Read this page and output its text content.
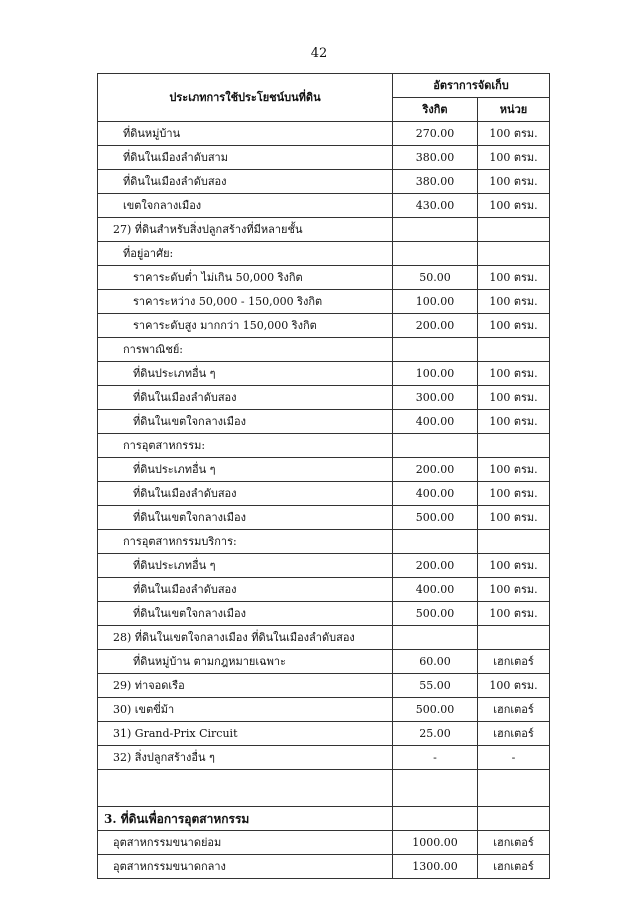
42
ประเภทการใช้ประโยชน์บนที่ดิน	อัตราการจัดเก็บ	
	ริงกิต	หน่วย
ที่ดินหมู่บ้าน	270.00	100 ตรม.
ที่ดินในเมืองลำดับสาม	380.00	100 ตรม.
ที่ดินในเมืองลำดับสอง	380.00	100 ตรม.
เขตใจกลางเมือง	430.00	100 ตรม.
27) ที่ดินสำหรับสิ่งปลูกสร้างที่มีหลายชั้น		
ที่อยู่อาศัย:		
ราคาระดับต่ำ ไม่เกิน 50,000 ริงกิต	50.00	100 ตรม.
ราคาระหว่าง 50,000 - 150,000 ริงกิต	100.00	100 ตรม.
ราคาระดับสูง มากกว่า 150,000 ริงกิต	200.00	100 ตรม.
การพาณิชย์:		
ที่ดินประเภทอื่น ๆ	100.00	100 ตรม.
ที่ดินในเมืองลำดับสอง	300.00	100 ตรม.
ที่ดินในเขตใจกลางเมือง	400.00	100 ตรม.
การอุตสาหกรรม:		
ที่ดินประเภทอื่น ๆ	200.00	100 ตรม.
ที่ดินในเมืองลำดับสอง	400.00	100 ตรม.
ที่ดินในเขตใจกลางเมือง	500.00	100 ตรม.
การอุตสาหกรรมบริการ:		
ที่ดินประเภทอื่น ๆ	200.00	100 ตรม.
ที่ดินในเมืองลำดับสอง	400.00	100 ตรม.
ที่ดินในเขตใจกลางเมือง	500.00	100 ตรม.
28) ที่ดินในเขตใจกลางเมือง ที่ดินในเมืองลำดับสอง		
ที่ดินหมู่บ้าน ตามกฎหมายเฉพาะ	60.00	เฮกเตอร์
29) ท่าจอดเรือ	55.00	100 ตรม.
30) เขตขี่ม้า	500.00	เฮกเตอร์
31) Grand-Prix Circuit	25.00	เฮกเตอร์
32) สิ่งปลูกสร้างอื่น ๆ	-	-

3. ที่ดินเพื่อการอุตสาหกรรม		
อุตสาหกรรมขนาดย่อม	1000.00	เฮกเตอร์
อุตสาหกรรมขนาดกลาง	1300.00	เฮกเตอร์
